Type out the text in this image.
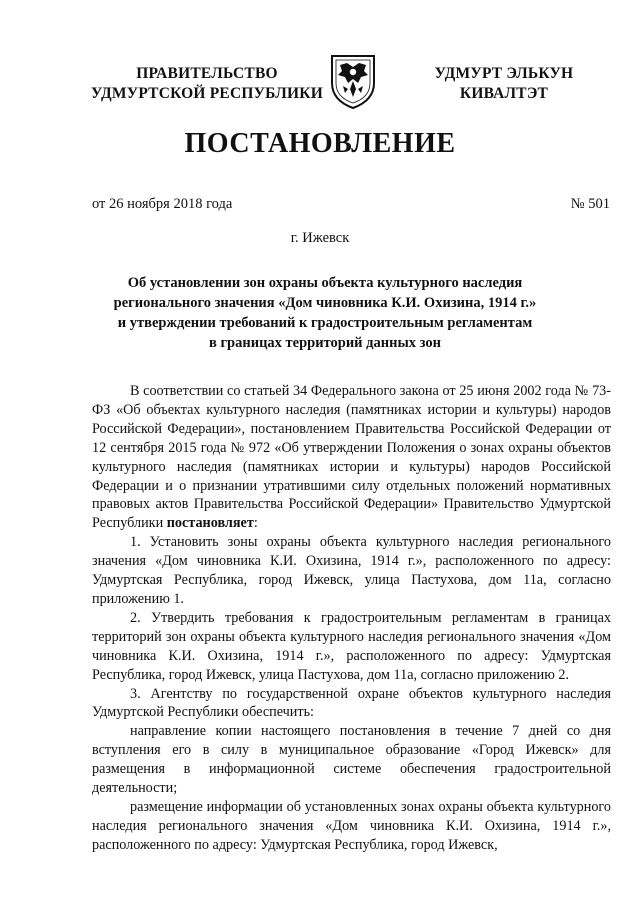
ПРАВИТЕЛЬСТВО
УДМУРТСКОЙ РЕСПУБЛИКИ
УДМУРТ ЭЛЬКУН
КИВАЛТЭТ
ПОСТАНОВЛЕНИЕ
от 26 ноября 2018 года	№ 501
г. Ижевск
Об установлении зон охраны объекта культурного наследия
регионального значения «Дом чиновника К.И. Охизина, 1914 г.»
и утверждении требований к градостроительным регламентам
в границах территорий данных зон

В соответствии со статьей 34 Федерального закона от 25 июня 2002 года № 73-ФЗ «Об объектах культурного наследия (памятниках истории и культуры) народов Российской Федерации», постановлением Правительства Российской Федерации от 12 сентября 2015 года № 972 «Об утверждении Положения о зонах охраны объектов культурного наследия (памятниках истории и культуры) народов Российской Федерации и о признании утратившими силу отдельных положений нормативных правовых актов Правительства Российской Федерации» Правительство Удмуртской Республики постановляет:

1. Установить зоны охраны объекта культурного наследия регионального значения «Дом чиновника К.И. Охизина, 1914 г.», расположенного по адресу: Удмуртская Республика, город Ижевск, улица Пастухова, дом 11а, согласно приложению 1.

2. Утвердить требования к градостроительным регламентам в границах территорий зон охраны объекта культурного наследия регионального значения «Дом чиновника К.И. Охизина, 1914 г.», расположенного по адресу: Удмуртская Республика, город Ижевск, улица Пастухова, дом 11а, согласно приложению 2.

3. Агентству по государственной охране объектов культурного наследия Удмуртской Республики обеспечить:

направление копии настоящего постановления в течение 7 дней со дня вступления его в силу в муниципальное образование «Город Ижевск» для размещения в информационной системе обеспечения градостроительной деятельности;

размещение информации об установленных зонах охраны объекта культурного наследия регионального значения «Дом чиновника К.И. Охизина, 1914 г.», расположенного по адресу: Удмуртская Республика, город Ижевск,
